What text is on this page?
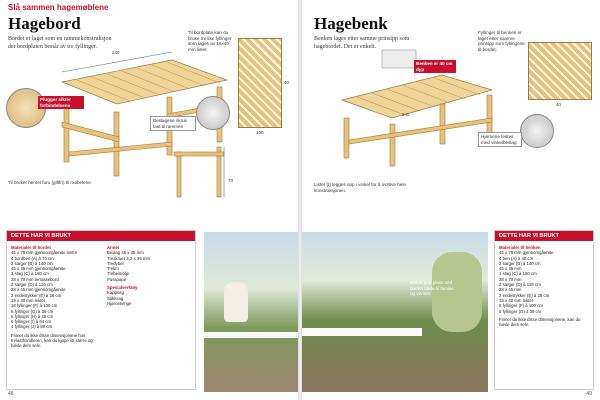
Slå sammen hagemøblene
Hagebord
Bordet er laget som en rammekonstruksjon der bordplaten består av tre fyllinger.
240
70
Plugger sikrer forbindelsene
Beslagene skrus fast til rammen
Til bordplate kan du bruke tre like fyllinger som lages av 19x40 mm lister.
100
40
Til bruker hentet furu (giftfri) til møbelene.
DETTE HAR VI BRUKT
Materialer til bordet
45 x 70 mm gjennomgående limtre
4 bordben (A) à 70 cm
2 sarger (B) à 140 cm
45 x 45 mm gjennomgående
3 stag (C) à 160 cm
28 x 70 mm terrassebord
2 sarger (D) à 120 cm
28 x 45 mm gjennomgående
2 endestykker (E) à 28 cm
19 x 40 mm lekter
18 fyllinger (F) à 100 cm
6 fyllinger (G) à 36 cm
6 fyllinger (H) à 46 cm
6 fyllinger (I) à 64 cm
4 fyllinger (J) à 80 cm
Finner du ikke disse dimensjonene hos trelasthandleren, kan du kjøpe litt større og høvle dem selv.
Annet
Beslag 45 x 45 mm
Treskruer 4,2 x 35 mm
Tredybel
Trelim
Trebeis/olje
Pusspapir
Spesialverktøy
Kappsag
Stikksag
Hjørnetvinge
48
Hagebenk
Benken lages etter samme prinsipp som hagebordet. Det er enkelt.
240
Benken er 40 cm dyp
Fyllinger til benken er laget etter samme prinsipp som fyllingene til bordet.
40
Hjørnene festes med vinkelbeslag
Lister (I) legges opp i vinkel for å avstive hele konstruksjonen.
Det er god plass ved bordet både til familie og venner.
DETTE HAR VI BRUKT
Materialer til benken
45 x 70 mm gjennomgående
4 ben (A) à 40 cm
2 sarger (B) à 140 cm
45 x 45 mm
1 stag (C) à 160 cm
28 x 70 mm
2 sarger (D) à 120 cm
28 x 45 mm
2 endestykker (E) à 28 cm
19 x 40 mm lekter
6 fyllinger (F) à 100 cm
6 fyllinger (G) à 36 cm
Finner du ikke disse dimensjonene, kan du høvle dem selv.
49
